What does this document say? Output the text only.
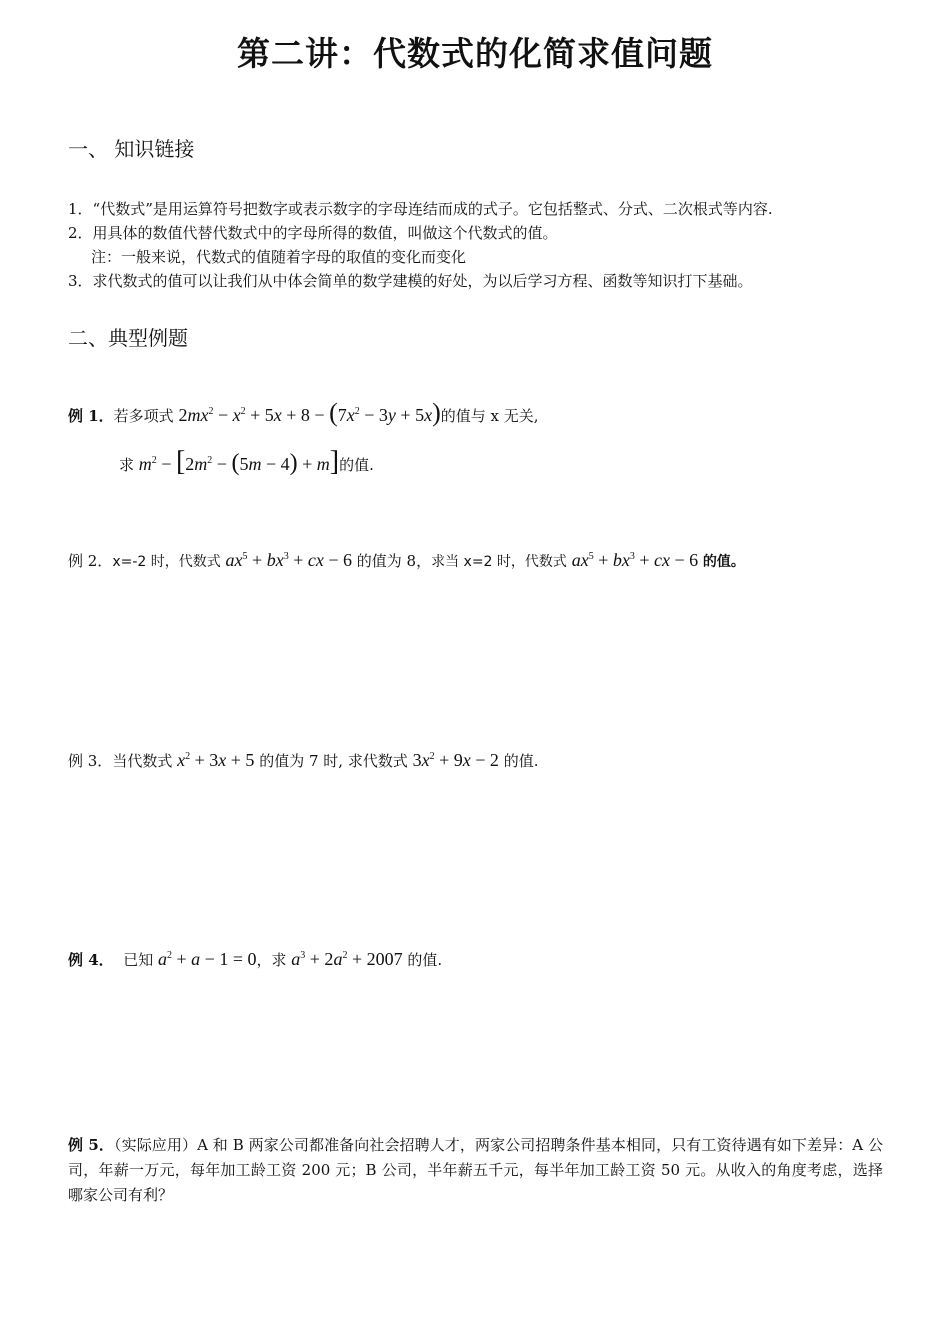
第二讲：代数式的化简求值问题
一、 知识链接
1．“代数式”是用运算符号把数字或表示数字的字母连结而成的式子。它包括整式、分式、二次根式等内容.
2．用具体的数值代替代数式中的字母所得的数值，叫做这个代数式的值。
注：一般来说，代数式的值随着字母的取值的变化而变化
3．求代数式的值可以让我们从中体会简单的数学建模的好处，为以后学习方程、函数等知识打下基础。
二、典型例题
例 1．若多项式 $2mx^2 - x^2 + 5x + 8 - (7x^2 - 3y + 5x)$的值与 x 无关,
求 $m^2 - [2m^2 - (5m - 4) + m]$的值.
例 2．x=-2 时，代数式 $ax^5 + bx^3$ + cx − 6 的值为 8，求当 x=2 时，代数式 $ax^5 + bx^3$ + cx − 6 的值。
例 3．当代数式 $x^2 + 3x + 5$ 的值为 7 时, 求代数式 $3x^2 + 9x - 2$ 的值.
例 4． 已知 $a^2 + a - 1 = 0$，求 $a^3 + 2a^2 + 2007$ 的值.
例 5．（实际应用）A 和 B 两家公司都准备向社会招聘人才，两家公司招聘条件基本相同，只有工资待遇有如下差异：A 公司，年薪一万元，每年加工龄工资 200 元；B 公司，半年薪五千元，每半年加工龄工资 50 元。从收入的角度考虑，选择哪家公司有利？
